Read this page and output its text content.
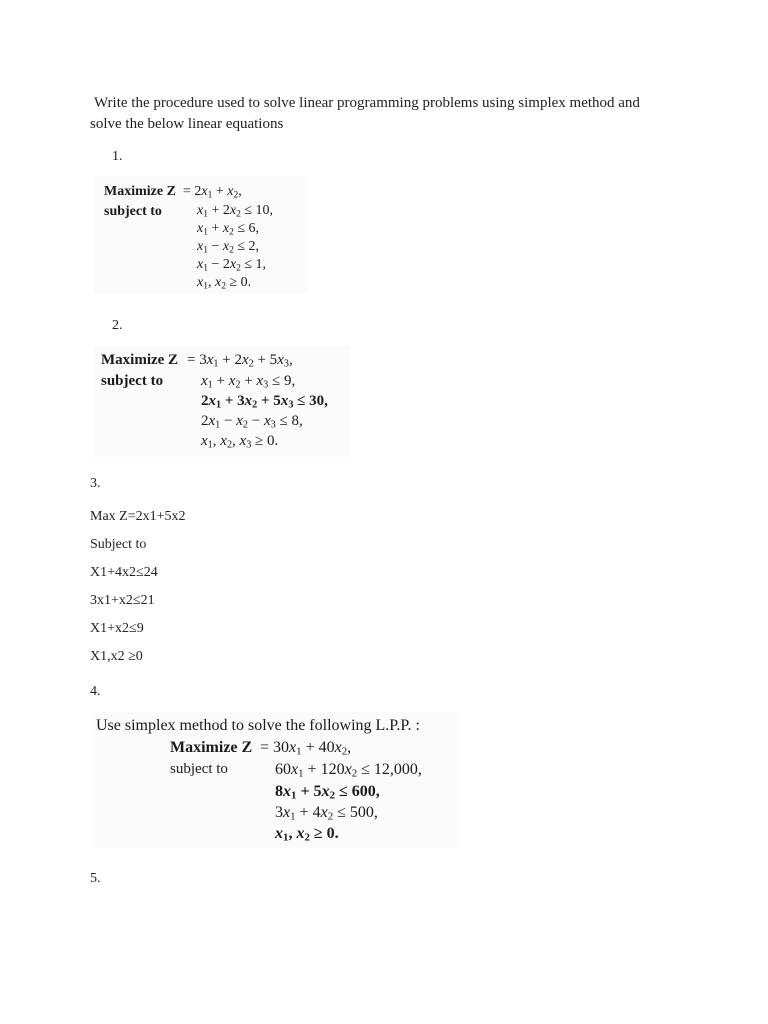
Write the procedure used to solve linear programming problems using simplex method and
solve the below linear equations
1.
Maximize Z
subject to
= $2x_1 + x_2$,
$x_1 + 2x_2 \le 10$,
$x_1 + x_2 \le 6$,
$x_1 - x_2 \le 2$,
$x_1 - 2x_2 \le 1$,
$x_1$, $x_2 \ge 0$.
2.
Maximize Z
subject to
= $3x_1 + 2x_2 + 5x_3$,
$x_1 + x_2 + x_3 \le 9$,
$2x_1 + 3x_2 + 5x_3 \le 30$,
$2x_1 - x_2 - x_3 \le 8$,
$x_1$, $x_2$, $x_3 \ge 0$.
3.
Max Z=2x1+5x2
Subject to
X1+4x2≤24
3x1+x2≤21
X1+x2≤9
X1,x2 ≥0
4.
Use simplex method to solve the following L.P.P. :
Maximize Z
subject to
= $30x_1 + 40x_2$,
$60x_1 + 120x_2 \le 12,000$,
$8x_1 + 5x_2 \le 600$,
$3x_1 + 4x_2 \le 500$,
$x_1$, $x_2 \ge 0$.
5.
